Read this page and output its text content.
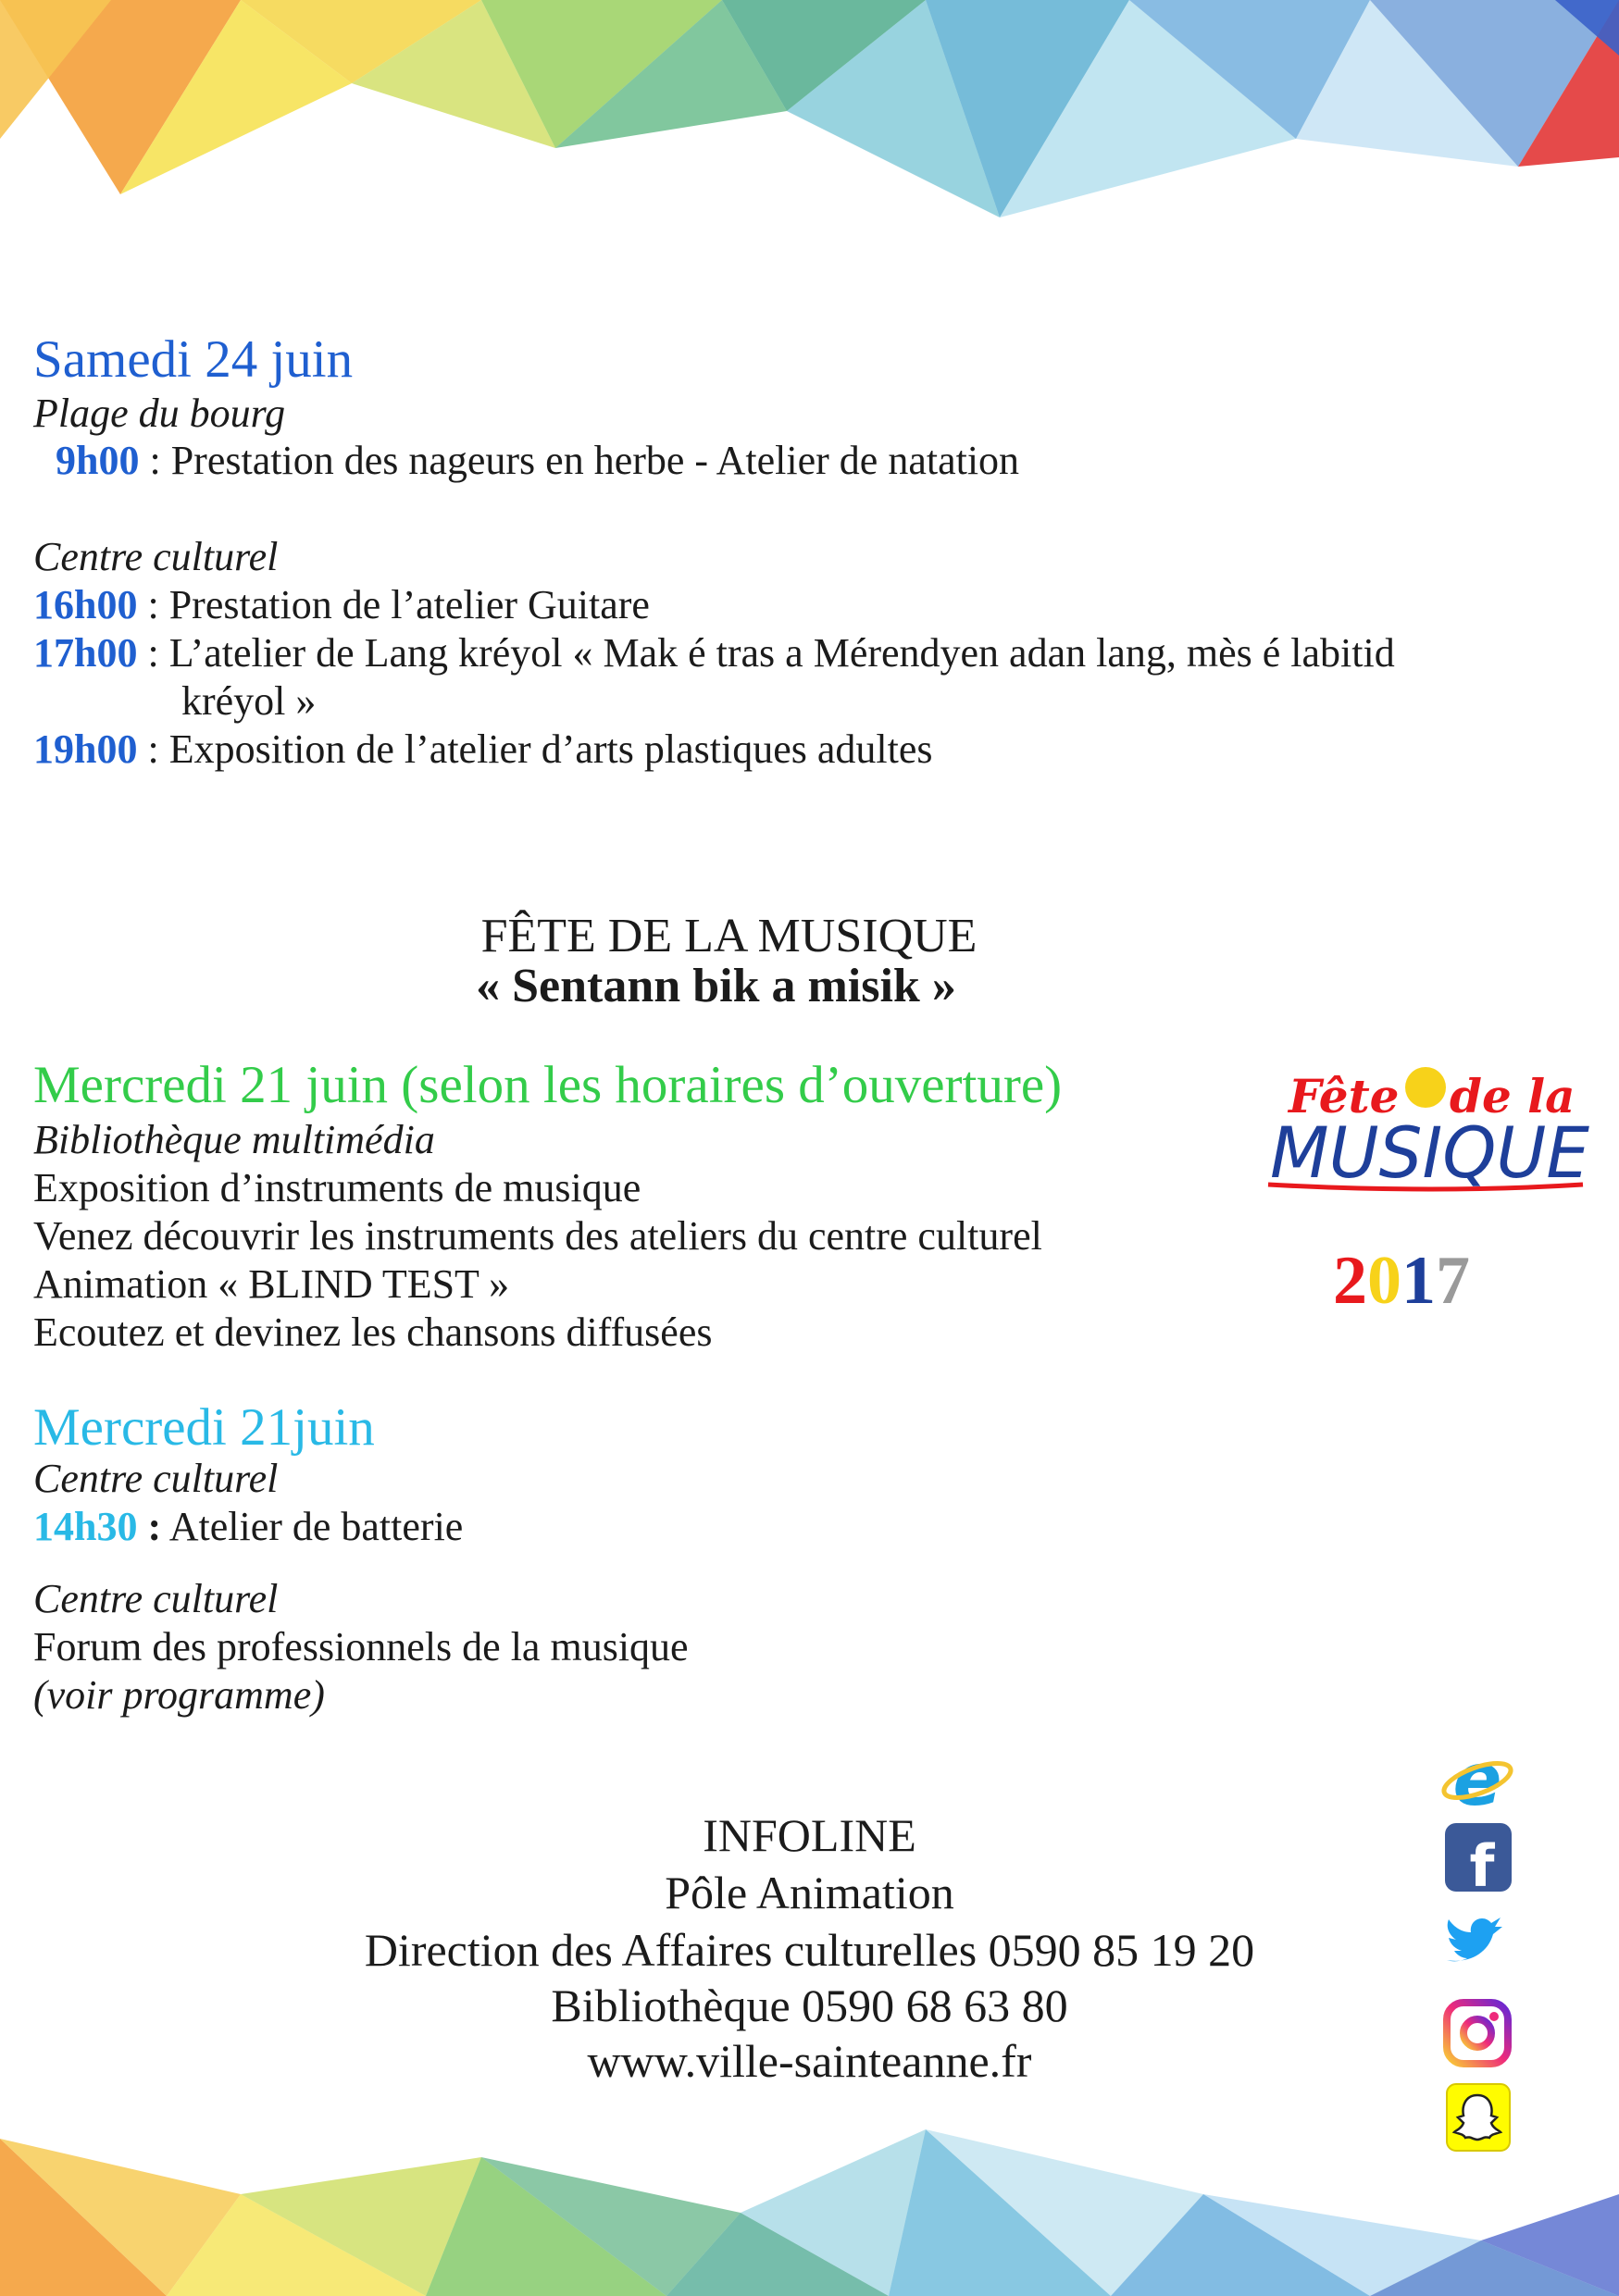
Samedi 24 juin
Plage du bourg
9h00 : Prestation des nageurs en herbe - Atelier de natation
Centre culturel
16h00 : Prestation de l’atelier Guitare
17h00 : L’atelier de Lang kréyol « Mak é tras a Mérendyen adan lang, mès é labitid
kréyol »
19h00 : Exposition de l’atelier d’arts plastiques adultes
FÊTE DE LA MUSIQUE
« Sentann bik a misik »
Mercredi 21 juin (selon les horaires d’ouverture)
Bibliothèque multimédia
Exposition d’instruments de musique
Venez découvrir les instruments des ateliers du centre culturel
Animation « BLIND TEST »
Ecoutez et devinez les chansons diffusées
Fête de la
MUSIQUE
2017
Mercredi 21juin
Centre culturel
14h30 : Atelier de batterie
Centre culturel
Forum des professionnels de la musique
(voir programme)
INFOLINE
Pôle Animation
Direction des Affaires culturelles 0590 85 19 20
Bibliothèque 0590 68 63 80
www.ville-sainteanne.fr
e
f
